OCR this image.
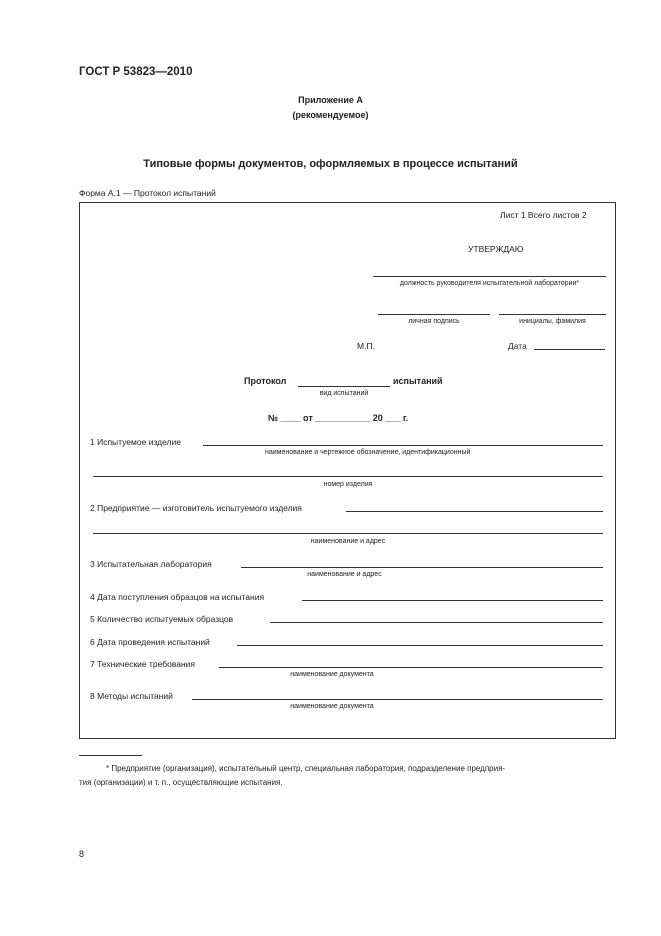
ГОСТ Р 53823—2010
Приложение А
(рекомендуемое)
Типовые формы документов, оформляемых в процессе испытаний
Форма А.1 — Протокол испытаний
Лист 1 Всего листов 2
УТВЕРЖДАЮ
должность руководителя испытательной лаборатории*
личная подпись	инициалы, фамилия
М.П.	Дата
Протокол	испытаний
вид испытаний
№ ____ от ___________ 20 ___ г.
1 Испытуемое изделие
наименование и чертежное обозначение, идентификационный
номер изделия
2 Предприятие — изготовитель испытуемого изделия
наименование и адрес
3 Испытательная лаборатория
наименование и адрес
4 Дата поступления образцов на испытания
5 Количество испытуемых образцов
6 Дата проведения испытаний
7 Технические требования
наименование документа
8 Методы испытаний
наименование документа
* Предприятие (организация), испытательный центр, специальная лаборатория, подразделение предприя-
тия (организации) и т. п., осуществляющие испытания.
8
